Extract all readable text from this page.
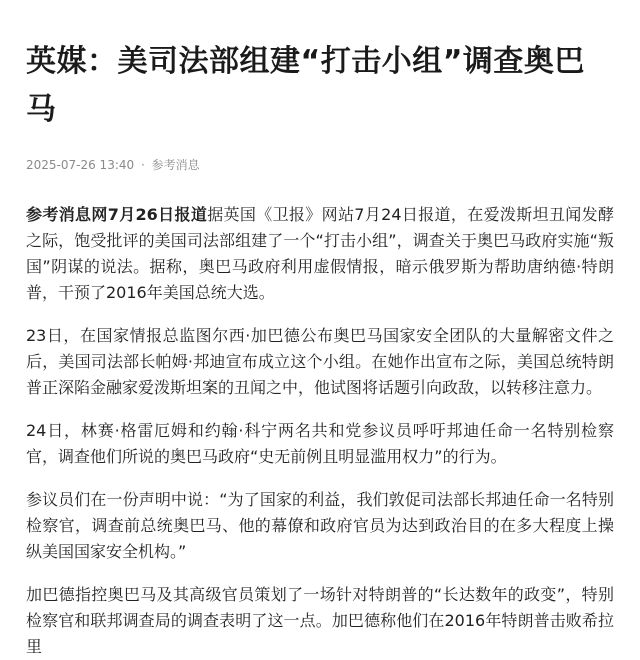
英媒：美司法部组建“打击小组”调查奥巴马
2025-07-26 13:40 · 参考消息

参考消息网7月26日报道据英国《卫报》网站7月24日报道，在爱泼斯坦丑闻发酵之际，饱受批评的美国司法部组建了一个“打击小组”，调查关于奥巴马政府实施“叛国”阴谋的说法。据称，奥巴马政府利用虚假情报，暗示俄罗斯为帮助唐纳德·特朗普，干预了2016年美国总统大选。

23日，在国家情报总监图尔西·加巴德公布奥巴马国家安全团队的大量解密文件之后，美国司法部长帕姆·邦迪宣布成立这个小组。在她作出宣布之际，美国总统特朗普正深陷金融家爱泼斯坦案的丑闻之中，他试图将话题引向政敌，以转移注意力。

24日，林赛·格雷厄姆和约翰·科宁两名共和党参议员呼吁邦迪任命一名特别检察官，调查他们所说的奥巴马政府“史无前例且明显滥用权力”的行为。

参议员们在一份声明中说：“为了国家的利益，我们敦促司法部长邦迪任命一名特别检察官，调查前总统奥巴马、他的幕僚和政府官员为达到政治目的在多大程度上操纵美国国家安全机构。”

加巴德指控奥巴马及其高级官员策划了一场针对特朗普的“长达数年的政变”，特别检察官和联邦调查局的调查表明了这一点。加巴德称他们在2016年特朗普击败希拉里
